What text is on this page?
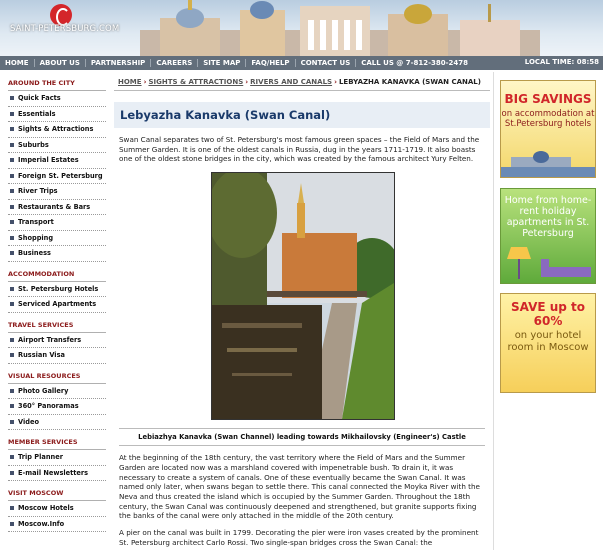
SAINT-PETERSBURG.COM
HOME	ABOUT US	PARTNERSHIP	CAREERS	SITE MAP	FAQ/HELP	CONTACT US	CALL US @ 7-812-380-2478	LOCAL TIME: 08:58
AROUND THE CITY
Quick Facts
Essentials
Sights & Attractions
Suburbs
Imperial Estates
Foreign St. Petersburg
River Trips
Restaurants & Bars
Transport
Shopping
Business
ACCOMMODATION
St. Petersburg Hotels
Serviced Apartments
TRAVEL SERVICES
Airport Transfers
Russian Visa
VISUAL RESOURCES
Photo Gallery
360° Panoramas
Video
MEMBER SERVICES
Trip Planner
E-mail Newsletters
VISIT MOSCOW
Moscow Hotels
Moscow.Info
HOME › SIGHTS & ATTRACTIONS › RIVERS AND CANALS › LEBYAZHA KANAVKA (SWAN CANAL)
Lebyazha Kanavka (Swan Canal)

Swan Canal separates two of St. Petersburg's most famous green spaces – the Field of Mars and the Summer Garden. It is one of the oldest canals in Russia, dug in the years 1711-1719. It also boasts one of the oldest stone bridges in the city, which was created by the famous architect Yury Felten.

Lebiazhya Kanavka (Swan Channel) leading towards Mikhailovsky (Engineer's) Castle

At the beginning of the 18th century, the vast territory where the Field of Mars and the Summer Garden are located now was a marshland covered with impenetrable bush. To drain it, it was necessary to create a system of canals. One of these eventually became the Swan Canal. It was named only later, when swans began to settle there. This canal connected the Moyka River with the Neva and thus created the island which is occupied by the Summer Garden. Throughout the 18th century, the Swan Canal was continuously deepened and strengthened, but granite supports fixing the banks of the canal were only attached in the middle of the 20th century.

A pier on the canal was built in 1799. Decorating the pier were iron vases created by the prominent St. Petersburg architect Carlo Rossi. Two single-span bridges cross the Swan Canal: the

BIG SAVINGS
on accommodation at St.Petersburg hotels
Home from home- rent holiday apartments in St. Petersburg
SAVE up to 60%
on your hotel room in Moscow
